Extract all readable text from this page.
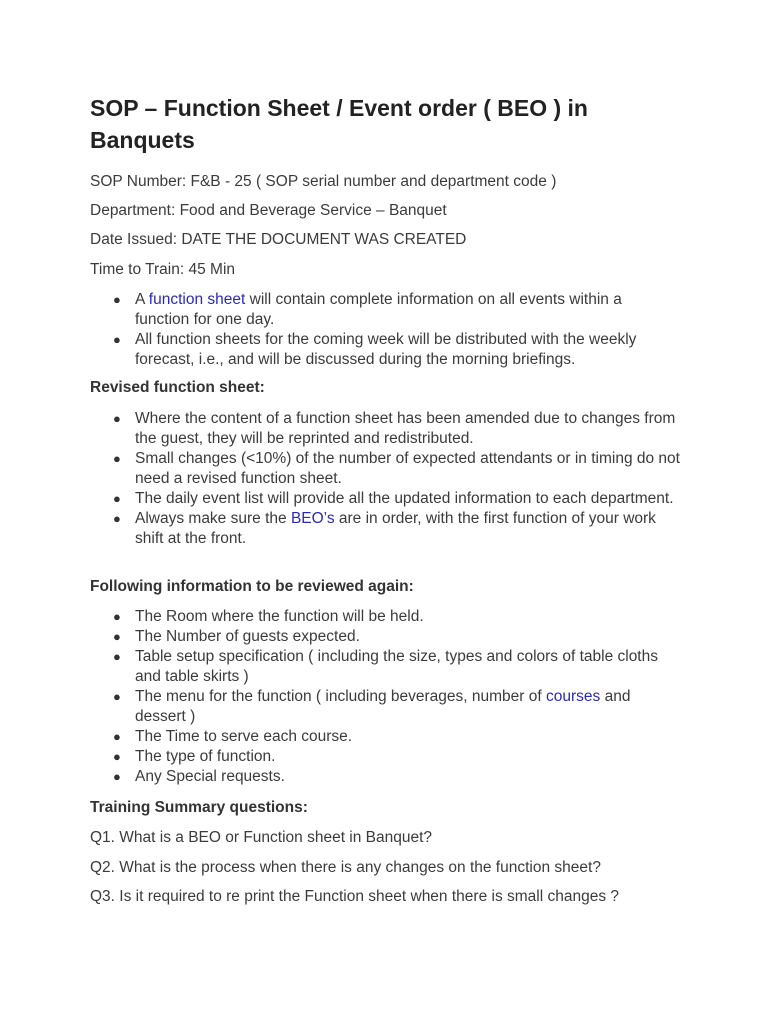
SOP – Function Sheet / Event order ( BEO ) in Banquets

SOP Number: F&B - 25 ( SOP serial number and department code )

Department: Food and Beverage Service – Banquet

Date Issued: DATE THE DOCUMENT WAS CREATED

Time to Train: 45 Min

● A function sheet will contain complete information on all events within a function for one day.
● All function sheets for the coming week will be distributed with the weekly forecast, i.e., and will be discussed during the morning briefings.

Revised function sheet:

● Where the content of a function sheet has been amended due to changes from the guest, they will be reprinted and redistributed.
● Small changes (<10%) of the number of expected attendants or in timing do not need a revised function sheet.
● The daily event list will provide all the updated information to each department.
● Always make sure the BEO’s are in order, with the first function of your work shift at the front.

Following information to be reviewed again:

● The Room where the function will be held.
● The Number of guests expected.
● Table setup specification ( including the size, types and colors of table cloths and table skirts )
● The menu for the function ( including beverages, number of courses and dessert )
● The Time to serve each course.
● The type of function.
● Any Special requests.

Training Summary questions:

Q1. What is a BEO or Function sheet in Banquet?

Q2. What is the process when there is any changes on the function sheet?

Q3. Is it required to re print the Function sheet when there is small changes ?
